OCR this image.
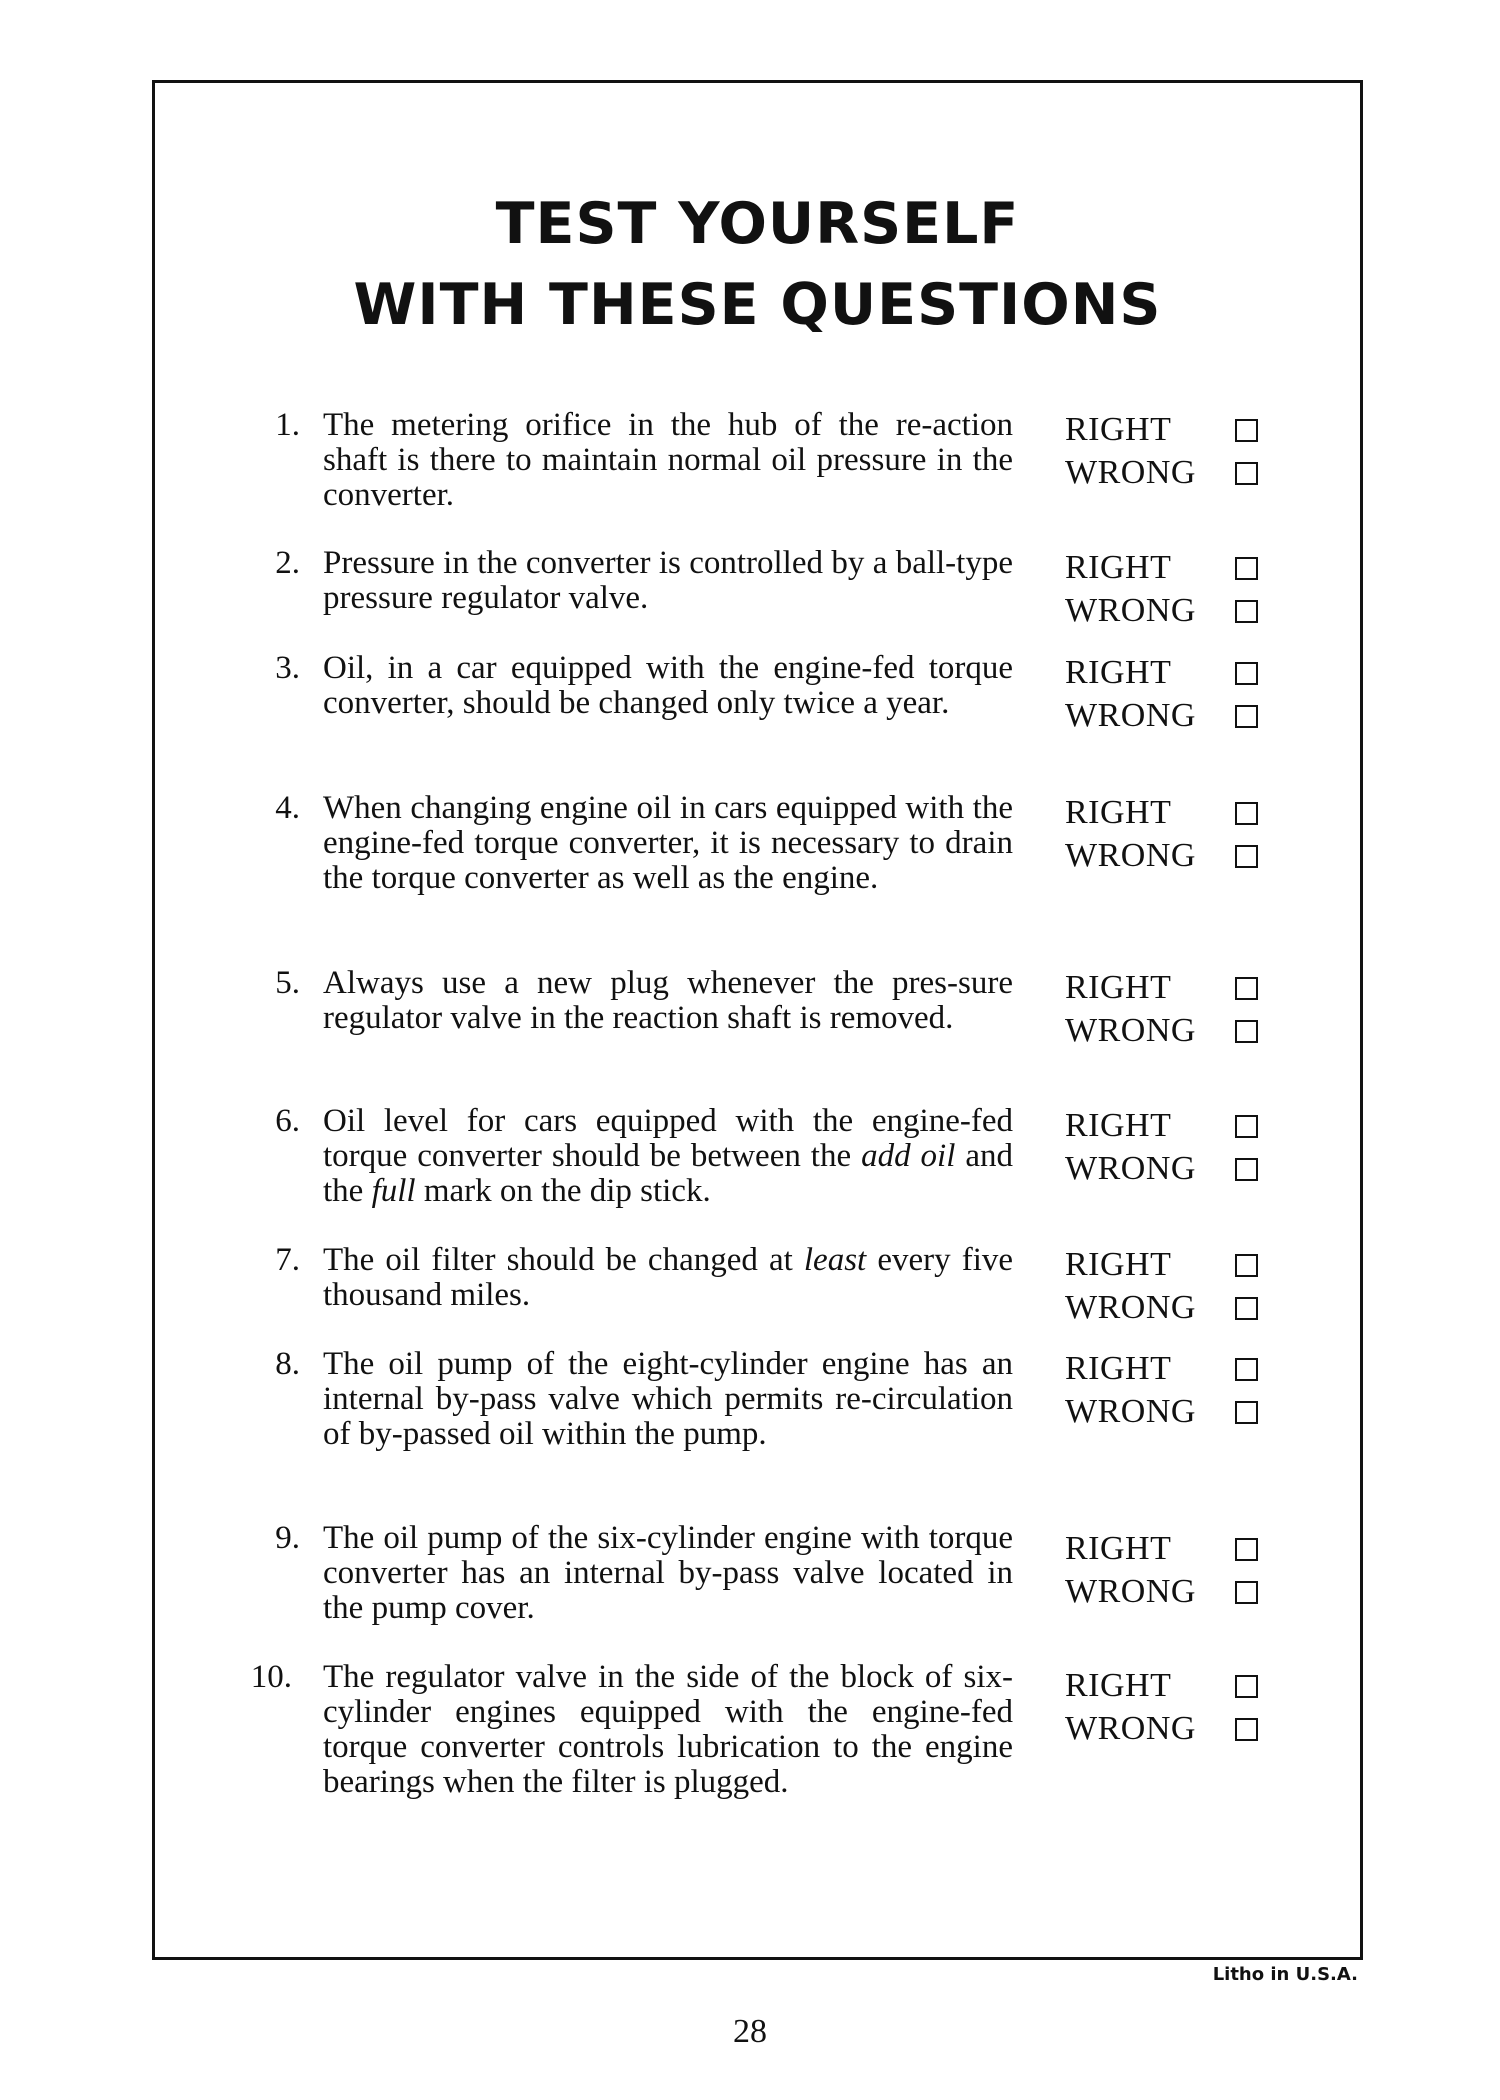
TEST YOURSELF
WITH THESE QUESTIONS
1. The metering orifice in the hub of the re-action shaft is there to maintain normal oil pressure in the converter.
RIGHT
WRONG
2. Pressure in the converter is controlled by a ball-type pressure regulator valve.
RIGHT
WRONG
3. Oil, in a car equipped with the engine-fed torque converter, should be changed only twice a year.
RIGHT
WRONG
4. When changing engine oil in cars equipped with the engine-fed torque converter, it is necessary to drain the torque converter as well as the engine.
RIGHT
WRONG
5. Always use a new plug whenever the pres-sure regulator valve in the reaction shaft is removed.
RIGHT
WRONG
6. Oil level for cars equipped with the engine-fed torque converter should be between the add oil and the full mark on the dip stick.
RIGHT
WRONG
7. The oil filter should be changed at least every five thousand miles.
RIGHT
WRONG
8. The oil pump of the eight-cylinder engine has an internal by-pass valve which permits re-circulation of by-passed oil within the pump.
RIGHT
WRONG
9. The oil pump of the six-cylinder engine with torque converter has an internal by-pass valve located in the pump cover.
RIGHT
WRONG
10. The regulator valve in the side of the block of six-cylinder engines equipped with the engine-fed torque converter controls lubrication to the engine bearings when the filter is plugged.
RIGHT
WRONG
Litho in U.S.A.
28
